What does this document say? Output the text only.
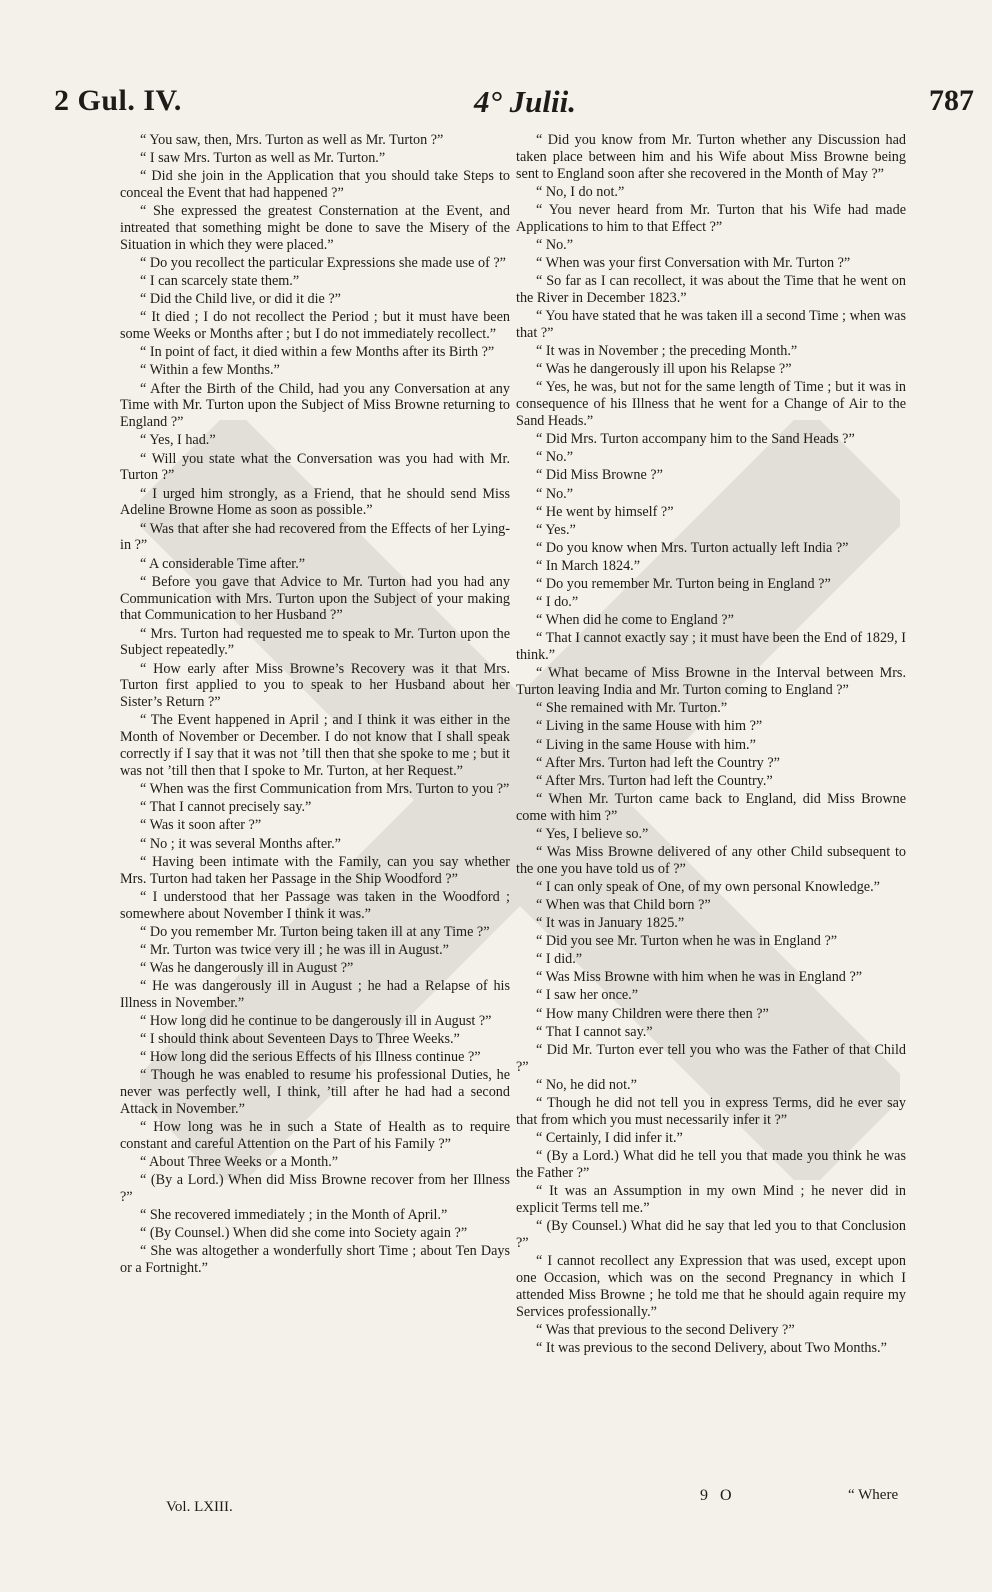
2 Gul. IV.	4° Julii.	787

“ You saw, then, Mrs. Turton as well as Mr. Turton ?”

“ I saw Mrs. Turton as well as Mr. Turton.”

“ Did she join in the Application that you should take Steps to conceal the Event that had happened ?”

“ She expressed the greatest Consternation at the Event, and intreated that something might be done to save the Misery of the Situation in which they were placed.”

“ Do you recollect the particular Expressions she made use of ?”

“ I can scarcely state them.”

“ Did the Child live, or did it die ?”

“ It died ; I do not recollect the Period ; but it must have been some Weeks or Months after ; but I do not immediately recollect.”

“ In point of fact, it died within a few Months after its Birth ?”

“ Within a few Months.”

“ After the Birth of the Child, had you any Conversation at any Time with Mr. Turton upon the Subject of Miss Browne returning to England ?”

“ Yes, I had.”

“ Will you state what the Conversation was you had with Mr. Turton ?”

“ I urged him strongly, as a Friend, that he should send Miss Adeline Browne Home as soon as possible.”

“ Was that after she had recovered from the Effects of her Lying-in ?”

“ A considerable Time after.”

“ Before you gave that Advice to Mr. Turton had you had any Communication with Mrs. Turton upon the Subject of your making that Communication to her Husband ?”

“ Mrs. Turton had requested me to speak to Mr. Turton upon the Subject repeatedly.”

“ How early after Miss Browne’s Recovery was it that Mrs. Turton first applied to you to speak to her Husband about her Sister’s Return ?”

“ The Event happened in April ; and I think it was either in the Month of November or December. I do not know that I shall speak correctly if I say that it was not ’till then that she spoke to me ; but it was not ’till then that I spoke to Mr. Turton, at her Request.”

“ When was the first Communication from Mrs. Turton to you ?”

“ That I cannot precisely say.”

“ Was it soon after ?”

“ No ; it was several Months after.”

“ Having been intimate with the Family, can you say whether Mrs. Turton had taken her Passage in the Ship Woodford ?”

“ I understood that her Passage was taken in the Woodford ; somewhere about November I think it was.”

“ Do you remember Mr. Turton being taken ill at any Time ?”

“ Mr. Turton was twice very ill ; he was ill in August.”

“ Was he dangerously ill in August ?”

“ He was dangerously ill in August ; he had a Relapse of his Illness in November.”

“ How long did he continue to be dangerously ill in August ?”

“ I should think about Seventeen Days to Three Weeks.”

“ How long did the serious Effects of his Illness continue ?”

“ Though he was enabled to resume his professional Duties, he never was perfectly well, I think, ’till after he had had a second Attack in November.”

“ How long was he in such a State of Health as to require constant and careful Attention on the Part of his Family ?”

“ About Three Weeks or a Month.”

“ (By a Lord.) When did Miss Browne recover from her Illness ?”

“ She recovered immediately ; in the Month of April.”

“ (By Counsel.) When did she come into Society again ?”

“ She was altogether a wonderfully short Time ; about Ten Days or a Fortnight.”

“ Did you know from Mr. Turton whether any Discussion had taken place between him and his Wife about Miss Browne being sent to England soon after she recovered in the Month of May ?”

“ No, I do not.”

“ You never heard from Mr. Turton that his Wife had made Applications to him to that Effect ?”

“ No.”

“ When was your first Conversation with Mr. Turton ?”

“ So far as I can recollect, it was about the Time that he went on the River in December 1823.”

“ You have stated that he was taken ill a second Time ; when was that ?”

“ It was in November ; the preceding Month.”

“ Was he dangerously ill upon his Relapse ?”

“ Yes, he was, but not for the same length of Time ; but it was in consequence of his Illness that he went for a Change of Air to the Sand Heads.”

“ Did Mrs. Turton accompany him to the Sand Heads ?”

“ No.”

“ Did Miss Browne ?”

“ No.”

“ He went by himself ?”

“ Yes.”

“ Do you know when Mrs. Turton actually left India ?”

“ In March 1824.”

“ Do you remember Mr. Turton being in England ?”

“ I do.”

“ When did he come to England ?”

“ That I cannot exactly say ; it must have been the End of 1829, I think.”

“ What became of Miss Browne in the Interval between Mrs. Turton leaving India and Mr. Turton coming to England ?”

“ She remained with Mr. Turton.”

“ Living in the same House with him ?”

“ Living in the same House with him.”

“ After Mrs. Turton had left the Country ?”

“ After Mrs. Turton had left the Country.”

“ When Mr. Turton came back to England, did Miss Browne come with him ?”

“ Yes, I believe so.”

“ Was Miss Browne delivered of any other Child subsequent to the one you have told us of ?”

“ I can only speak of One, of my own personal Knowledge.”

“ When was that Child born ?”

“ It was in January 1825.”

“ Did you see Mr. Turton when he was in England ?”

“ I did.”

“ Was Miss Browne with him when he was in England ?”

“ I saw her once.”

“ How many Children were there then ?”

“ That I cannot say.”

“ Did Mr. Turton ever tell you who was the Father of that Child ?”

“ No, he did not.”

“ Though he did not tell you in express Terms, did he ever say that from which you must necessarily infer it ?”

“ Certainly, I did infer it.”

“ (By a Lord.) What did he tell you that made you think he was the Father ?”

“ It was an Assumption in my own Mind ; he never did in explicit Terms tell me.”

“ (By Counsel.) What did he say that led you to that Conclusion ?”

“ I cannot recollect any Expression that was used, except upon one Occasion, which was on the second Pregnancy in which I attended Miss Browne ; he told me that he should again require my Services professionally.”

“ Was that previous to the second Delivery ?”

“ It was previous to the second Delivery, about Two Months.”

Vol. LXIII.
9 O	“ Where
